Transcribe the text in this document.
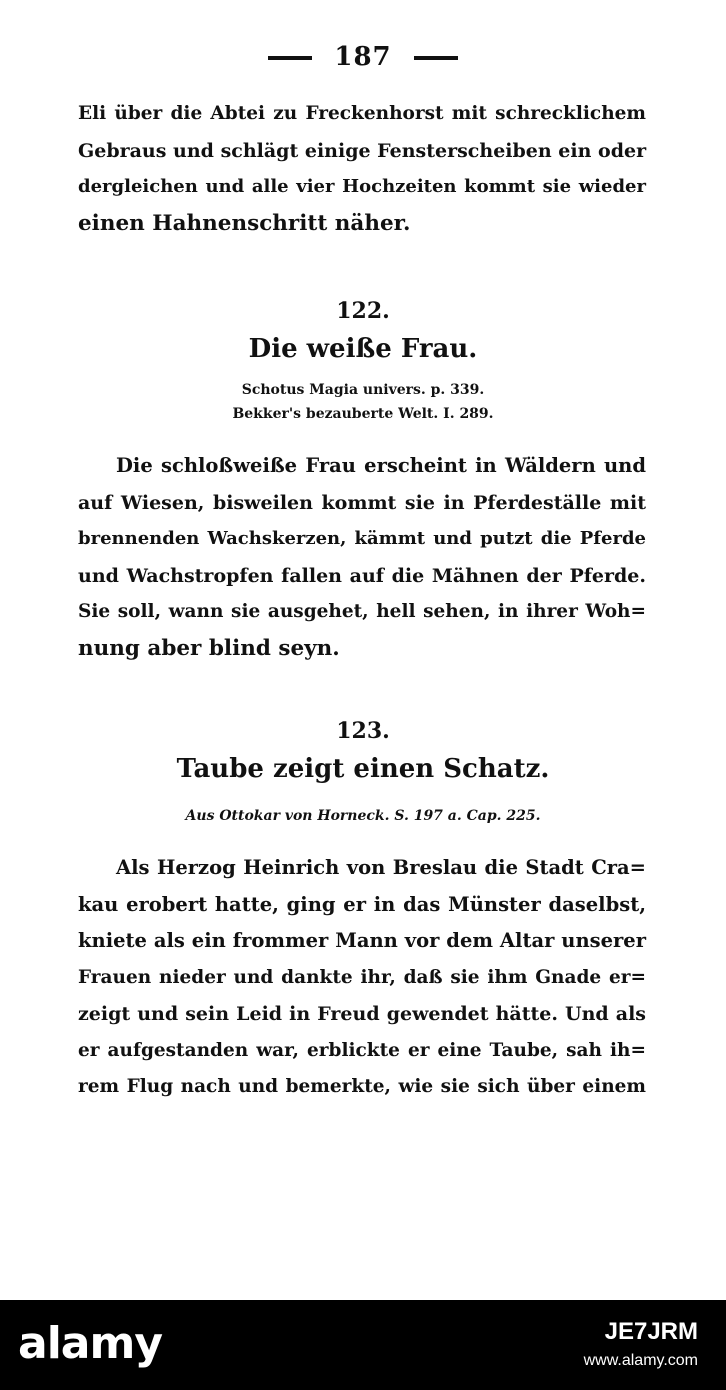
187
Eli über die Abtei zu Freckenhorst mit schrecklichem
Gebraus und schlägt einige Fensterscheiben ein oder
dergleichen und alle vier Hochzeiten kommt sie wieder
einen Hahnenschritt näher.
122.
Die weiße Frau.
Schotus Magia univers. p. 339.
Bekker's bezauberte Welt. I. 289.
Die schloßweiße Frau erscheint in Wäldern und
auf Wiesen, bisweilen kommt sie in Pferdeställe mit
brennenden Wachskerzen, kämmt und putzt die Pferde
und Wachstropfen fallen auf die Mähnen der Pferde.
Sie soll, wann sie ausgehet, hell sehen, in ihrer Woh=
nung aber blind seyn.
123.
Taube zeigt einen Schatz.
Aus Ottokar von Horneck. S. 197 a. Cap. 225.
Als Herzog Heinrich von Breslau die Stadt Cra=
kau erobert hatte, ging er in das Münster daselbst,
kniete als ein frommer Mann vor dem Altar unserer
Frauen nieder und dankte ihr, daß sie ihm Gnade er=
zeigt und sein Leid in Freud gewendet hätte. Und als
er aufgestanden war, erblickte er eine Taube, sah ih=
rem Flug nach und bemerkte, wie sie sich über einem
alamy	JE7JRM
www.alamy.com
